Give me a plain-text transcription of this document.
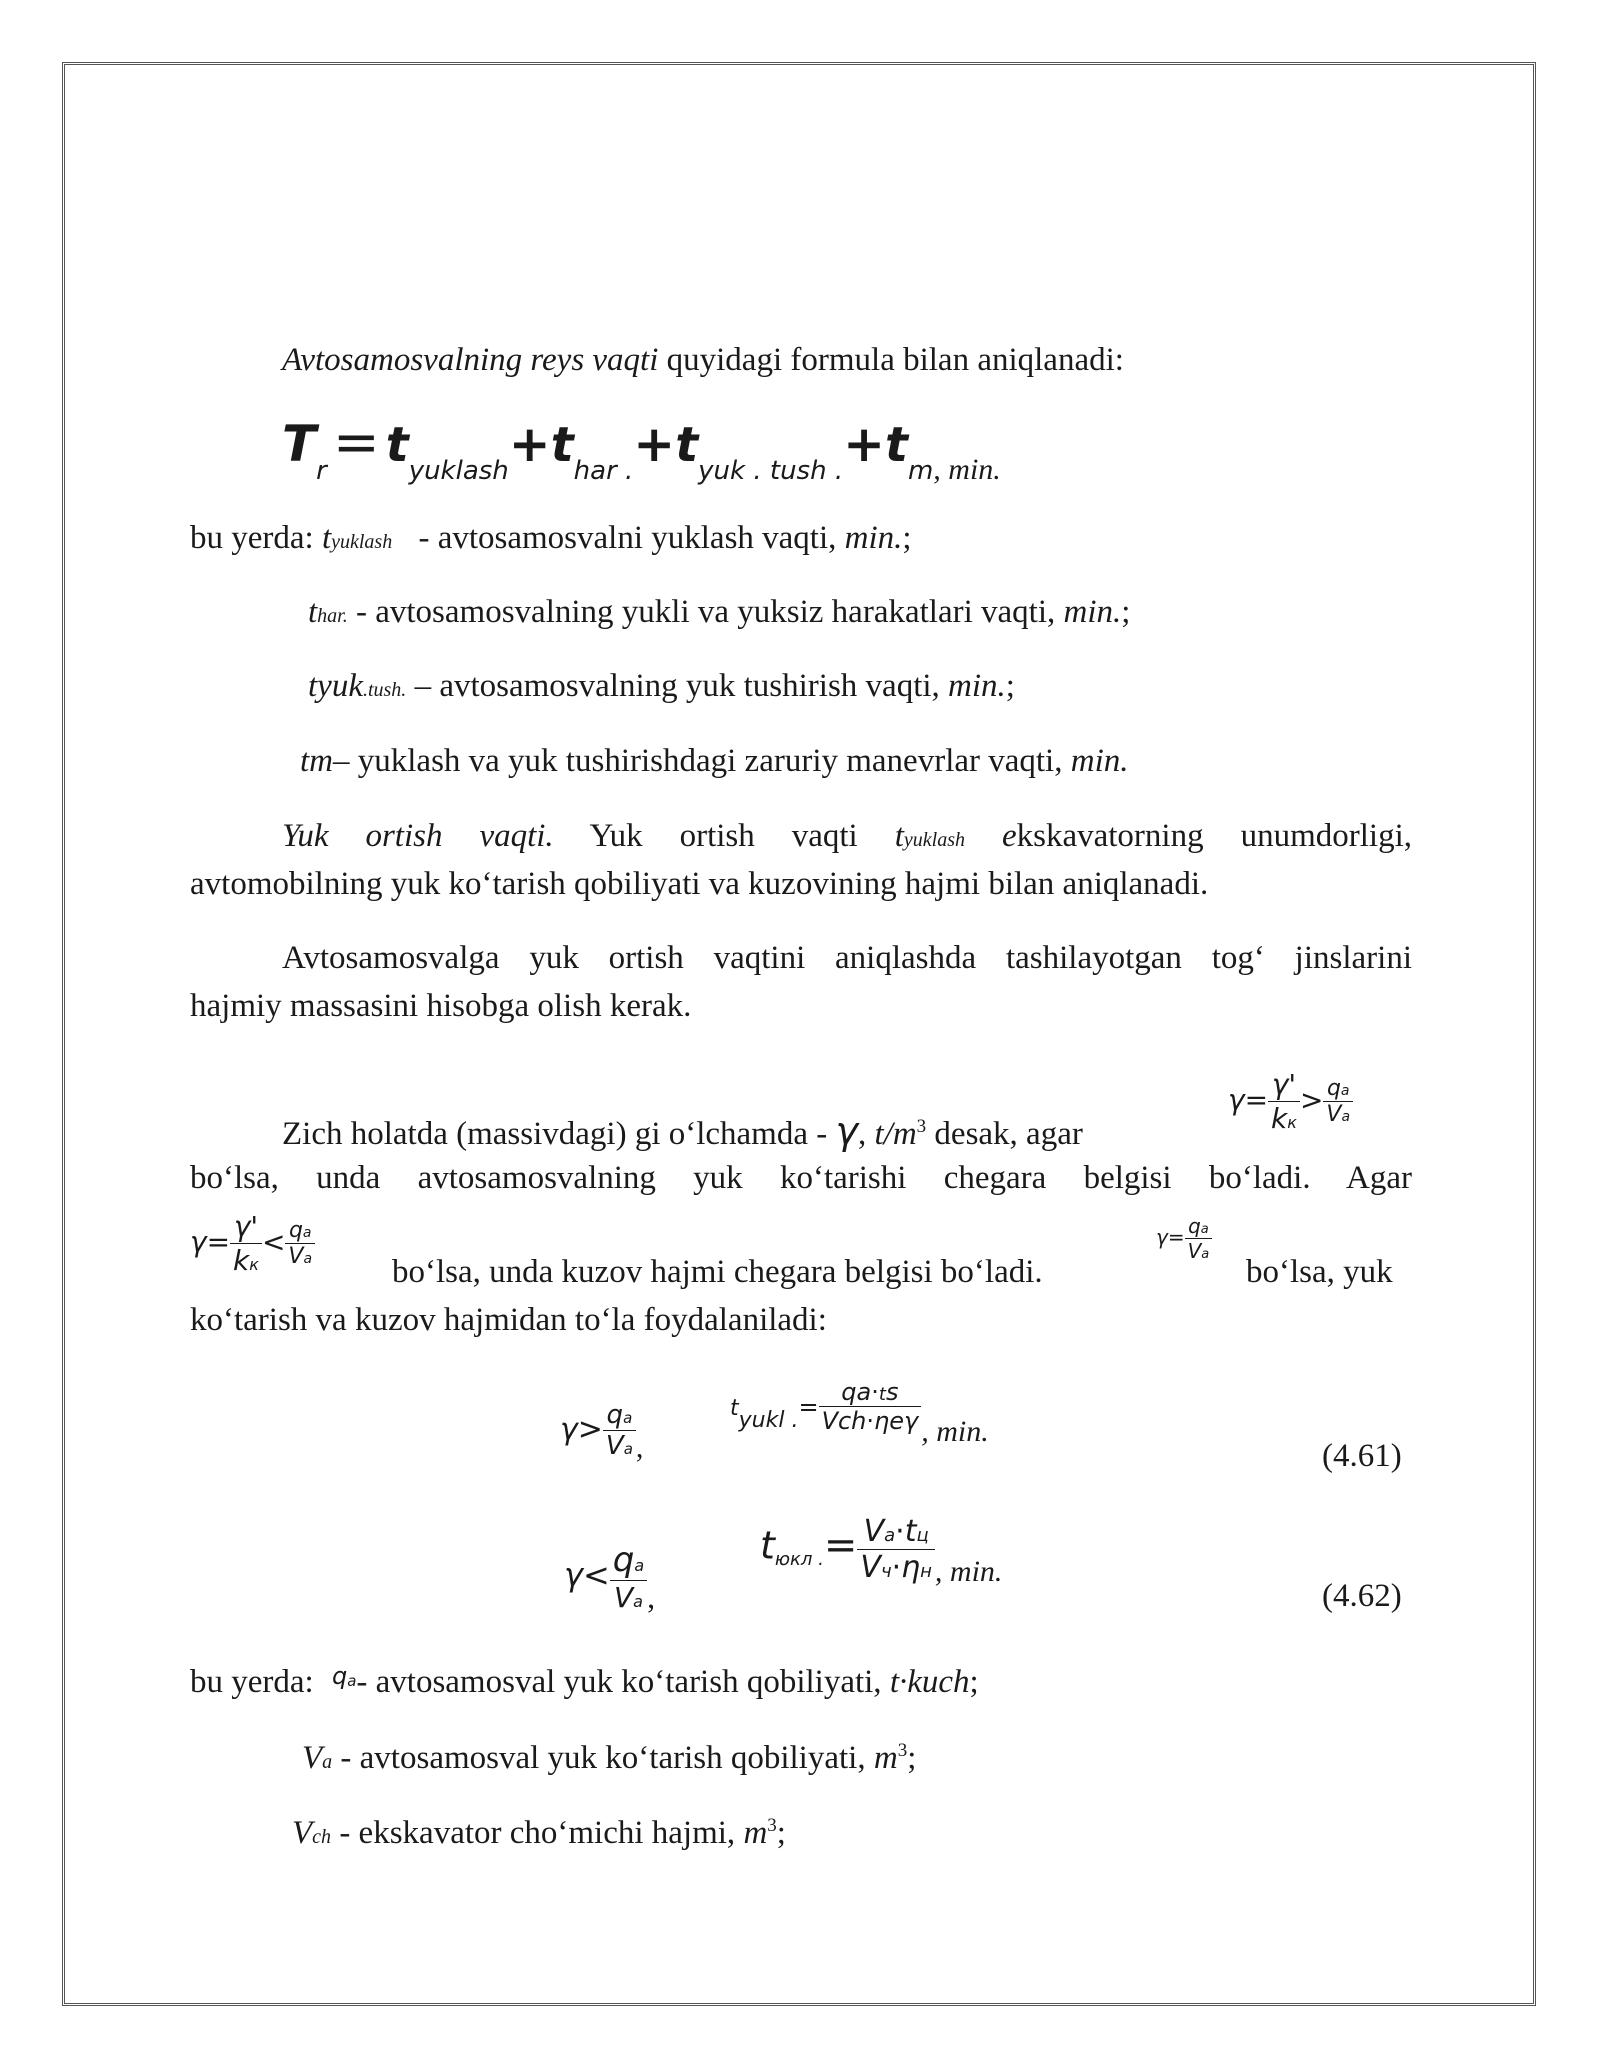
Avtosamosvalning reys vaqti quyidagi formula bilan aniqlanadi:
Tr = tyuklash+thar .+tyuk . tush .+tm, min.
bu yerda: tyuklash - avtosamosvalni yuklash vaqti, min.;
thar. - avtosamosvalning yukli va yuksiz harakatlari vaqti, min.;
tyuk.tush. – avtosamosvalning yuk tushirish vaqti, min.;
tm– yuklash va yuk tushirishdagi zaruriy manevrlar vaqti, min.
Yuk ortish vaqti. Yuk ortish vaqti tyuklash ekskavatorning unumdorligi,
avtomobilning yuk ko‘tarish qobiliyati va kuzovining hajmi bilan aniqlanadi.
Avtosamosvalga yuk ortish vaqtini aniqlashda tashilayotgan tog‘ jinslarini
hajmiy massasini hisobga olish kerak.
Zich holatda (massivdagi) gi o‘lchamda - γ, $t/m^3$ desak, agar
$\gamma= \frac{\gamma'}{kк} > \frac{qa}{Va}$
bo‘lsa, unda avtosamosvalning yuk ko‘tarishi chegara belgisi bo‘ladi. Agar
$\gamma= \frac{\gamma'}{kк} < \frac{qa}{Va}$
bo‘lsa, unda kuzov hajmi chegara belgisi bo‘ladi.
$\gamma= \frac{qa}{Va}$
bo‘lsa, yuk
ko‘tarish va kuzov hajmidan to‘la foydalaniladi:
$\gamma> \frac{qa}{Va}$ ,
$t_{yukl .}= \frac{qa\cdot ts}{\text{Vch·ηeγ}}$ , min.
(4.61)
$\gamma< \frac{qa}{Va}$ ,
tюкл .= $\frac{Va\cdot tц}{Vч\cdot\eta н}$ , min.
(4.62)
bu yerda: $^q$a- avtosamosval yuk ko‘tarish qobiliyati, t·kuch;
Va - avtosamosval yuk ko‘tarish qobiliyati, $m^3$;
Vch - ekskavator cho‘michi hajmi, $m^3$;
